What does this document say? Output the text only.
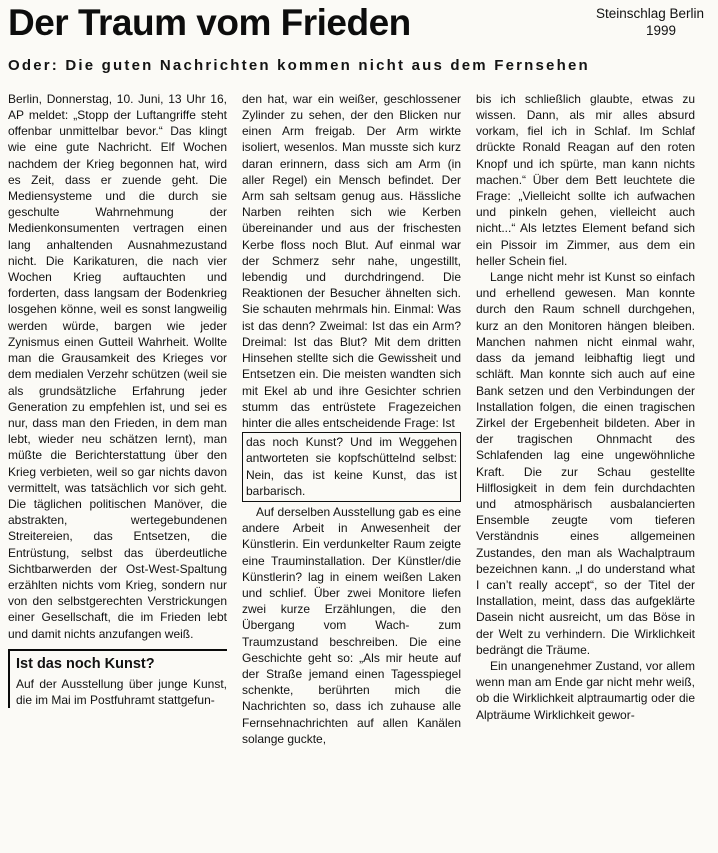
Steinschlag Berlin
1999
Der Traum vom Frieden
Oder: Die guten Nachrichten kommen nicht aus dem Fernsehen

Berlin, Donnerstag, 10. Juni, 13 Uhr 16, AP meldet: „Stopp der Luftangriffe steht offenbar unmittelbar bevor.“ Das klingt wie eine gute Nachricht. Elf Wochen nachdem der Krieg begonnen hat, wird es Zeit, dass er zuende geht. Die Mediensysteme und die durch sie geschulte Wahrnehmung der Medienkonsumenten vertragen einen lang anhaltenden Ausnahmezustand nicht. Die Karikaturen, die nach vier Wochen Krieg auftauchten und forderten, dass langsam der Bodenkrieg losgehen könne, weil es sonst langweilig werden würde, bargen wie jeder Zynismus einen Gutteil Wahrheit. Wollte man die Grausamkeit des Krieges vor dem medialen Verzehr schützen (weil sie als grundsätzliche Erfahrung jeder Generation zu empfehlen ist, und sei es nur, dass man den Frieden, in dem man lebt, wieder neu schätzen lernt), man müßte die Berichterstattung über den Krieg verbieten, weil so gar nichts davon vermittelt, was tatsächlich vor sich geht. Die täglichen politischen Manöver, die abstrakten, wertegebundenen Streitereien, das Entsetzen, die Entrüstung, selbst das überdeutliche Sichtbarwerden der Ost-West-Spaltung erzählten nichts vom Krieg, sondern nur von den selbstgerechten Verstrickungen einer Gesellschaft, die im Frieden lebt und damit nichts anzufangen weiß.

Ist das noch Kunst?

Auf der Ausstellung über junge Kunst, die im Mai im Postfuhramt stattgefun-

den hat, war ein weißer, geschlossener Zylinder zu sehen, der den Blicken nur einen Arm freigab. Der Arm wirkte isoliert, wesenlos. Man musste sich kurz daran erinnern, dass sich am Arm (in aller Regel) ein Mensch befindet. Der Arm sah seltsam genug aus. Hässliche Narben reihten sich wie Kerben übereinander und aus der frischesten Kerbe floss noch Blut. Auf einmal war der Schmerz sehr nahe, ungestillt, lebendig und durchdringend. Die Reaktionen der Besucher ähnelten sich. Sie schauten mehrmals hin. Einmal: Was ist das denn? Zweimal: Ist das ein Arm? Dreimal: Ist das Blut? Mit dem dritten Hinsehen stellte sich die Gewissheit und Entsetzen ein. Die meisten wandten sich mit Ekel ab und ihre Gesichter schrien stumm das entrüstete Fragezeichen hinter die alles entscheidende Frage: Ist

das noch Kunst? Und im Weggehen antworteten sie kopfschüttelnd selbst: Nein, das ist keine Kunst, das ist barbarisch.

Auf derselben Ausstellung gab es eine andere Arbeit in Anwesenheit der Künstlerin. Ein verdunkelter Raum zeigte eine Trauminstallation. Der Künstler/die Künstlerin? lag in einem weißen Laken und schlief. Über zwei Monitore liefen zwei kurze Erzählungen, die den Übergang vom Wach- zum Traumzustand beschreiben. Die eine Geschichte geht so: „Als mir heute auf der Straße jemand einen Tagesspiegel schenkte, berührten mich die Nachrichten so, dass ich zuhause alle Fernsehnachrichten auf allen Kanälen solange guckte,

bis ich schließlich glaubte, etwas zu wissen. Dann, als mir alles absurd vorkam, fiel ich in Schlaf. Im Schlaf drückte Ronald Reagan auf den roten Knopf und ich spürte, man kann nichts machen.“ Über dem Bett leuchtete die Frage: „Vielleicht sollte ich aufwachen und pinkeln gehen, vielleicht auch nicht...“ Als letztes Element befand sich ein Pissoir im Zimmer, aus dem ein heller Schein fiel.

Lange nicht mehr ist Kunst so einfach und erhellend gewesen. Man konnte durch den Raum schnell durchgehen, kurz an den Monitoren hängen bleiben. Manchen nahmen nicht einmal wahr, dass da jemand leibhaftig liegt und schläft. Man konnte sich auch auf eine Bank setzen und den Verbindungen der Installation folgen, die einen tragischen Zirkel der Ergebenheit bildeten. Aber in der tragischen Ohnmacht des Schlafenden lag eine ungewöhnliche Kraft. Die zur Schau gestellte Hilflosigkeit in dem fein durchdachten und atmosphärisch ausbalancierten Ensemble zeugte vom tieferen Verständnis eines allgemeinen Zustandes, den man als Wachalptraum bezeichnen kann. „I do understand what I can’t really accept“, so der Titel der Installation, meint, dass das aufgeklärte Dasein nicht ausreicht, um das Böse in der Welt zu verhindern. Die Wirklichkeit bedrängt die Träume.

Ein unangenehmer Zustand, vor allem wenn man am Ende gar nicht mehr weiß, ob die Wirklichkeit alptraumartig oder die Alpträume Wirklichkeit gewor-
